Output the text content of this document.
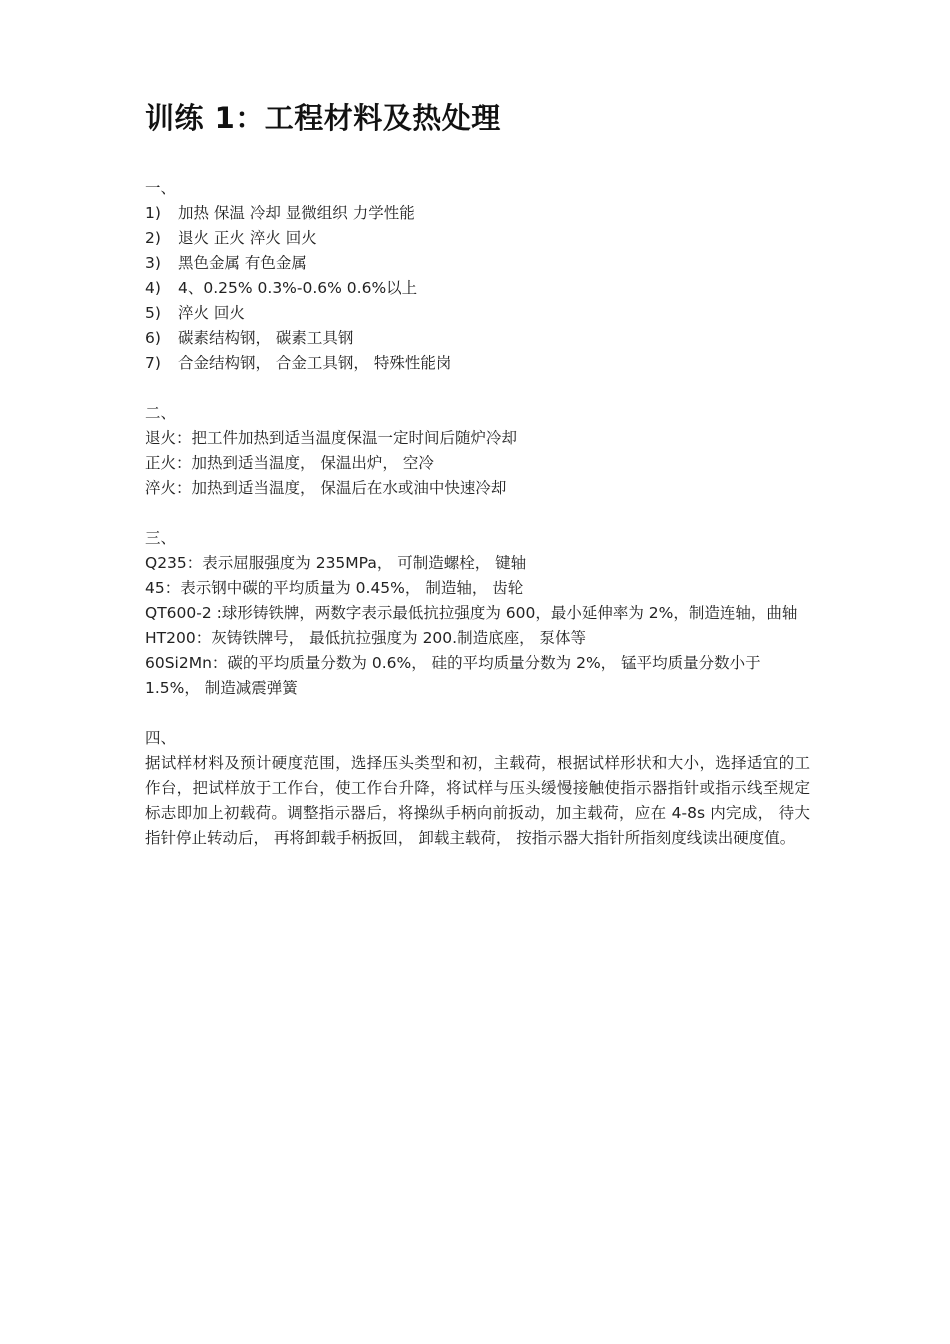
训练 1：工程材料及热处理
一、
1)	加热 保温 冷却 显微组织 力学性能
2)	退火 正火 淬火 回火
3)	黑色金属 有色金属
4)	4、0.25% 0.3%-0.6% 0.6%以上
5)	淬火 回火
6)	碳素结构钢， 碳素工具钢
7)	合金结构钢， 合金工具钢， 特殊性能岗
二、
退火：把工件加热到适当温度保温一定时间后随炉冷却
正火：加热到适当温度， 保温出炉， 空冷
淬火：加热到适当温度， 保温后在水或油中快速冷却
三、
Q235：表示屈服强度为 235MPa， 可制造螺栓， 键轴
45：表示钢中碳的平均质量为 0.45%， 制造轴， 齿轮
QT600-2 :球形铸铁牌，两数字表示最低抗拉强度为 600，最小延伸率为 2%，制造连轴，曲轴
HT200：灰铸铁牌号， 最低抗拉强度为 200.制造底座， 泵体等
60Si2Mn：碳的平均质量分数为 0.6%， 硅的平均质量分数为 2%， 锰平均质量分数小于 1.5%， 制造减震弹簧
四、
据试样材料及预计硬度范围，选择压头类型和初，主载荷，根据试样形状和大小，选择适宜的工作台，把试样放于工作台，使工作台升降，将试样与压头缓慢接触使指示器指针或指示线至规定标志即加上初载荷。调整指示器后，将操纵手柄向前扳动，加主载荷，应在 4-8s 内完成， 待大指针停止转动后， 再将卸载手柄扳回， 卸载主载荷， 按指示器大指针所指刻度线读出硬度值。
